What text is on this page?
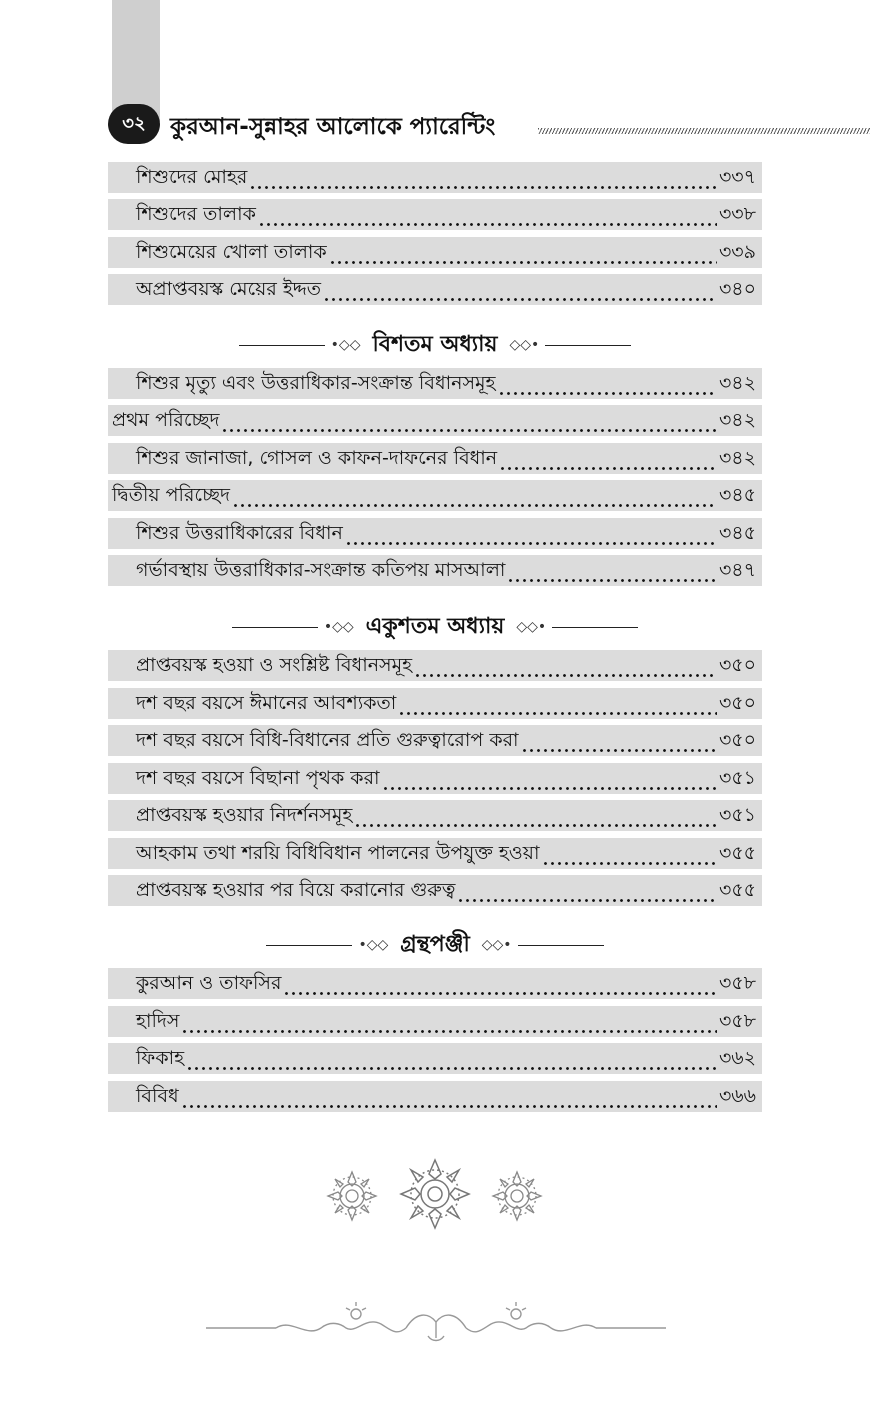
৩২	কুরআন-সুন্নাহর আলোকে প্যারেন্টিং
শিশুদের মোহর	৩৩৭
শিশুদের তালাক	৩৩৮
শিশুমেয়ের খোলা তালাক	৩৩৯
অপ্রাপ্তবয়স্ক মেয়ের ইদ্দত	৩৪০
•◇◇ বিশতম অধ্যায় ◇◇•
শিশুর মৃত্যু এবং উত্তরাধিকার-সংক্রান্ত বিধানসমূহ	৩৪২
প্রথম পরিচ্ছেদ	৩৪২
শিশুর জানাজা, গোসল ও কাফন-দাফনের বিধান	৩৪২
দ্বিতীয় পরিচ্ছেদ	৩৪৫
শিশুর উত্তরাধিকারের বিধান	৩৪৫
গর্ভাবস্থায় উত্তরাধিকার-সংক্রান্ত কতিপয় মাসআলা	৩৪৭
•◇◇ একুশতম অধ্যায় ◇◇•
প্রাপ্তবয়স্ক হওয়া ও সংশ্লিষ্ট বিধানসমূহ	৩৫০
দশ বছর বয়সে ঈমানের আবশ্যকতা	৩৫০
দশ বছর বয়সে বিধি-বিধানের প্রতি গুরুত্বারোপ করা	৩৫০
দশ বছর বয়সে বিছানা পৃথক করা	৩৫১
প্রাপ্তবয়স্ক হওয়ার নিদর্শনসমূহ	৩৫১
আহকাম তথা শরয়ি বিধিবিধান পালনের উপযুক্ত হওয়া	৩৫৫
প্রাপ্তবয়স্ক হওয়ার পর বিয়ে করানোর গুরুত্ব	৩৫৫
•◇◇ গ্রন্থপঞ্জী ◇◇•
কুরআন ও তাফসির	৩৫৮
হাদিস	৩৫৮
ফিকাহ	৩৬২
বিবিধ	৩৬৬
